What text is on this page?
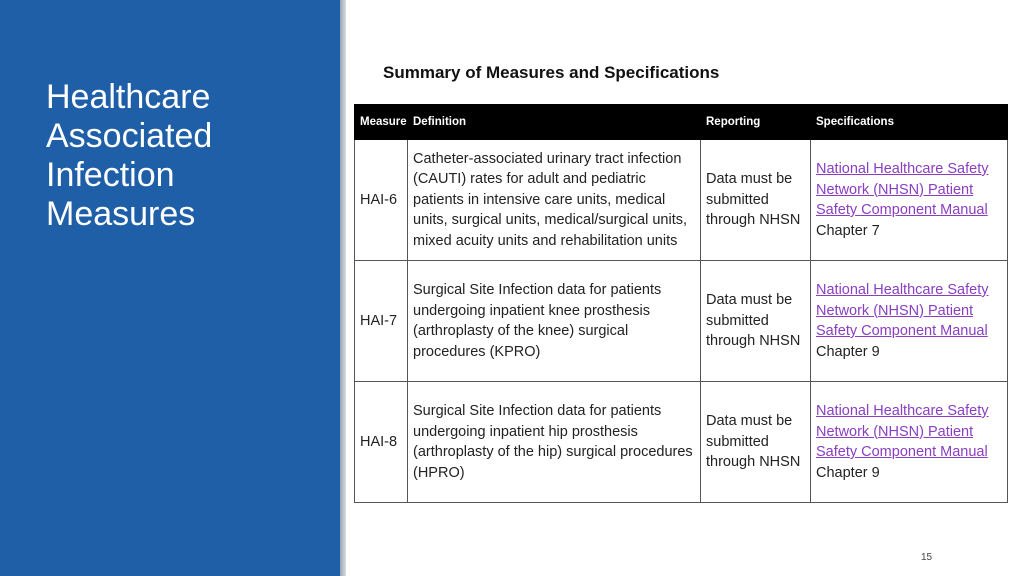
Healthcare Associated Infection Measures
Summary of Measures and Specifications
Measure	Definition	Reporting	Specifications
HAI-6	Catheter-associated urinary tract infection (CAUTI) rates for adult and pediatric patients in intensive care units, medical units, surgical units, medical/surgical units, mixed acuity units and rehabilitation units	Data must be submitted through NHSN	National Healthcare Safety Network (NHSN) Patient Safety Component Manual Chapter 7
HAI-7	Surgical Site Infection data for patients undergoing inpatient knee prosthesis (arthroplasty of the knee) surgical procedures (KPRO)	Data must be submitted through NHSN	National Healthcare Safety Network (NHSN) Patient Safety Component Manual Chapter 9
HAI-8	Surgical Site Infection data for patients undergoing inpatient hip prosthesis (arthroplasty of the hip) surgical procedures (HPRO)	Data must be submitted through NHSN	National Healthcare Safety Network (NHSN) Patient Safety Component Manual Chapter 9
15
